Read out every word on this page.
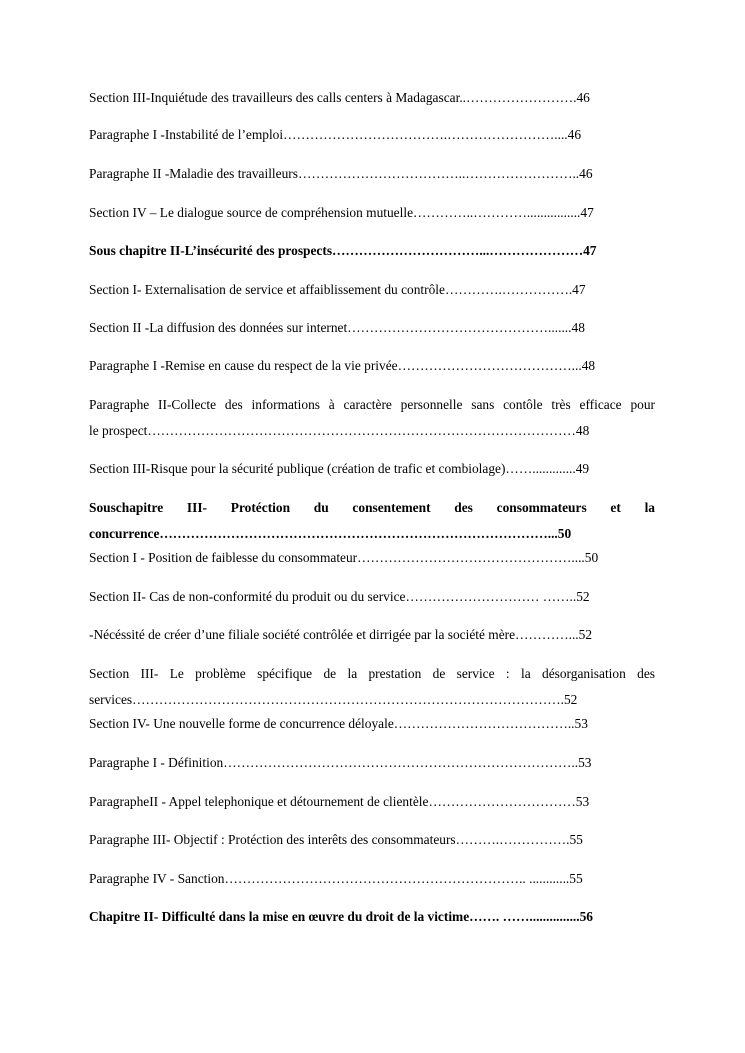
Section III-Inquiétude des travailleurs des calls centers à Madagascar..…………………….46
Paragraphe I -Instabilité de l’emploi……………………………….……………………....46
Paragraphe II -Maladie des travailleurs………………………………..……………………..46
Section IV – Le dialogue source de compréhension mutuelle…………..…………................47
Sous chapitre II-L’insécurité des prospects……………………………...…………………47
Section I- Externalisation de service et affaiblissement du contrôle………….…………….47
Section II -La diffusion des données sur internet……………………………………….......48
Paragraphe I -Remise en cause du respect de la vie privée…………………………………...48
Paragraphe II-Collecte des informations à caractère personnelle sans contôle très efficace pour
le prospect……………………………………………………………………………………48
Section III-Risque pour la sécurité publique (création de trafic et combiolage)…….............49
Souschapitre III- Protéction du consentement des consommateurs et la
concurrence……………………………………………………………………………...50
Section I - Position de faiblesse du consommateur…………………………………………....50
Section II- Cas de non-conformité du produit ou du service………………………… ……..52
-Nécéssité de créer d’une filiale société contrôlée et dirrigée par la société mère…………...52
Section III- Le problème spécifique de la prestation de service : la désorganisation des
services…………………………………………………………………………………….52
Section IV- Une nouvelle forme de concurrence déloyale…………………………………..53
Paragraphe I - Définition……………………………………………………………………..53
ParagrapheII - Appel telephonique et détournement de clientèle……………………………53
Paragraphe III- Objectif : Protéction des interêts des consommateurs……….…………….55
Paragraphe IV - Sanction………………………………………………………….. ............55
Chapitre II- Difficulté dans la mise en œuvre du droit de la victime……. ……...............56
